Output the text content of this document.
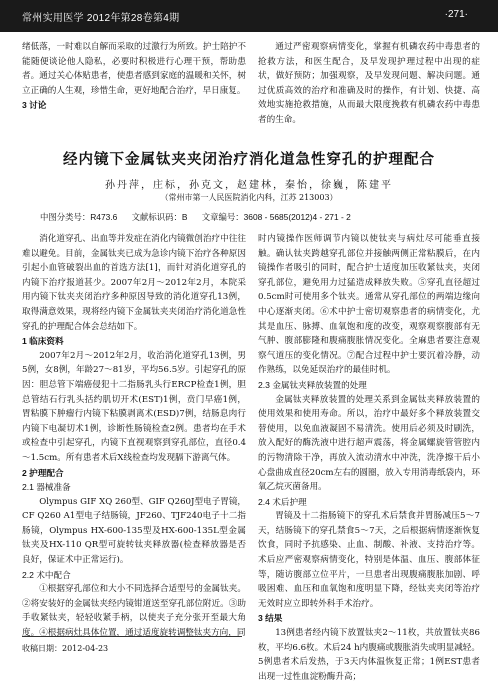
常州实用医学 2012年第28卷第4期	·271·

绪低落，一时难以自解而采取的过激行为所致。护士陪护不能随便谈论他人隐私，必要时积极进行心理干预，帮助患者。通过关心体贴患者，使患者感到家庭的温暖和关怀，树立正确的人生观，珍惜生命，更好地配合治疗，早日康复。

3 讨论

通过严密观察病情变化，掌握有机磷农药中毒患者的抢救方法，和医生配合，及早发现护理过程中出现的症状，做好预防；加强观察，及早发现问题、解决问题。通过优质高效的治疗和准确及时的操作，有计划、快捷、高效地实施抢救措施，从而最大限度挽救有机磷农药中毒患者的生命。

经内镜下金属钛夹夹闭治疗消化道急性穿孔的护理配合
孙丹萍，庄标，孙克文，赵建林，秦怡，徐巍，陈建平
（常州市第一人民医院消化内科，江苏 213003）
中图分类号：R473.6 文献标识码：B 文章编号：3608 - 5685(2012)4 - 271 - 2

消化道穿孔、出血等并发症在消化内镜微创治疗中往往难以避免。目前，金属钛夹已成为急诊内镜下治疗各种原因引起小血管破裂出血的首选方法[1]，而针对消化道穿孔的内镜下治疗报道甚少。2007年2月～2012年2月，本院采用内镜下钛夹夹闭治疗多种原因导致的消化道穿孔13例，取得满意效果，现将经内镜下金属钛夹夹闭治疗消化道急性穿孔的护理配合体会总结如下。

1 临床资料

2007年2月～2012年2月，收治消化道穿孔13例，男5例，女8例，年龄27～81岁，平均56.5岁。引起穿孔的原因：胆总管下端癌侵犯十二指肠乳头行ERCP检查1例，胆总管结石行乳头括约肌切开术(EST)1例，贲门早癌1例，胃粘膜下肿瘤行内镜下粘膜剥离术(ESD)7例，结肠息肉行内镜下电凝切术1例，诊断性肠镜检查2例。患者均在手术或检查中引起穿孔，内镜下直视观察到穿孔部位，直径0.4～1.5cm。所有患者术后X线检查均发现膈下游离气体。

2 护理配合

2.1 器械准备

Olympus GIF XQ 260型、GIF Q260J型电子胃镜，CF Q260 A1型电子结肠镜，JF260、TJF240电子十二指肠镜，Olympus HX-600-135型及HX-600-135L型金属钛夹及HX-110 QR型可旋转钛夹释放器(检查释放器是否良好，保证术中正常运行)。

2.2 术中配合

①根据穿孔部位和大小不同选择合适型号的金属钛夹。②将安装好的金属钛夹经内镜钳道送至穿孔部位附近。③助手收紧钛夹，轻轻收紧手柄，以使夹子充分张开至最大角度。④根据病灶具体位置，通过适度旋转调整钛夹方向，同

时内镜操作医师调节内镜以使钛夹与病灶尽可能垂直接触。确认钛夹跨越穿孔部位并接触两侧正常粘膜后，在内镜操作者吸引的同时，配合护士适度加压收紧钛夹，夹闭穿孔部位，避免用力过猛造成释放失败。⑤穿孔直径超过0.5cm时可使用多个钛夹。通常从穿孔部位的两端边缘向中心逐渐夹闭。⑥术中护士密切观察患者的病情变化，尤其是血压、脉搏、血氧饱和度的改变，观察观察腹部有无气肿、腹部膨隆和腹痛腹胀情况变化。全麻患者要注意观察气道压的变化情况。⑦配合过程中护士要沉着冷静，动作熟练，以免延误治疗的最佳时机。

2.3 金属钛夹释放装置的处理

金属钛夹释放装置的处理关系到金属钛夹释放装置的使用效果和使用寿命。所以，治疗中最好多个释放装置交替使用，以免血液凝固不易清洗。使用后必须及时刷洗，放入配好的酶洗液中进行超声震荡，将金属螺旋管管腔内的污物清除干净，再放入流动清水中冲洗，洗净擦干后小心盘曲成直径20cm左右的圆圈，放入专用消毒纸袋内，环氧乙烷灭菌备用。

2.4 术后护理

胃镜及十二指肠镜下的穿孔术后禁食并胃肠减压5～7天，结肠镜下的穿孔禁食5～7天，之后根据病情逐渐恢复饮食，同时予抗感染、止血、制酸、补液、支持治疗等。术后应严密观察病情变化，特别是体温、血压、腹部体征等，随访腹部立位平片，一旦患者出现腹痛腹胀加剧、呼吸困难、血压和血氧饱和度明显下降，经钛夹夹闭等治疗无效时应立即转外科手术治疗。

3 结果

13例患者经内镜下放置钛夹2～11枚，共放置钛夹86枚，平均6.6枚。术后24 h内腹痛或腹胀消失或明显减轻。5例患者术后发热，于3天内体温恢复正常；1例EST患者出现一过性血淀粉酶升高；

收稿日期：2012-04-23
